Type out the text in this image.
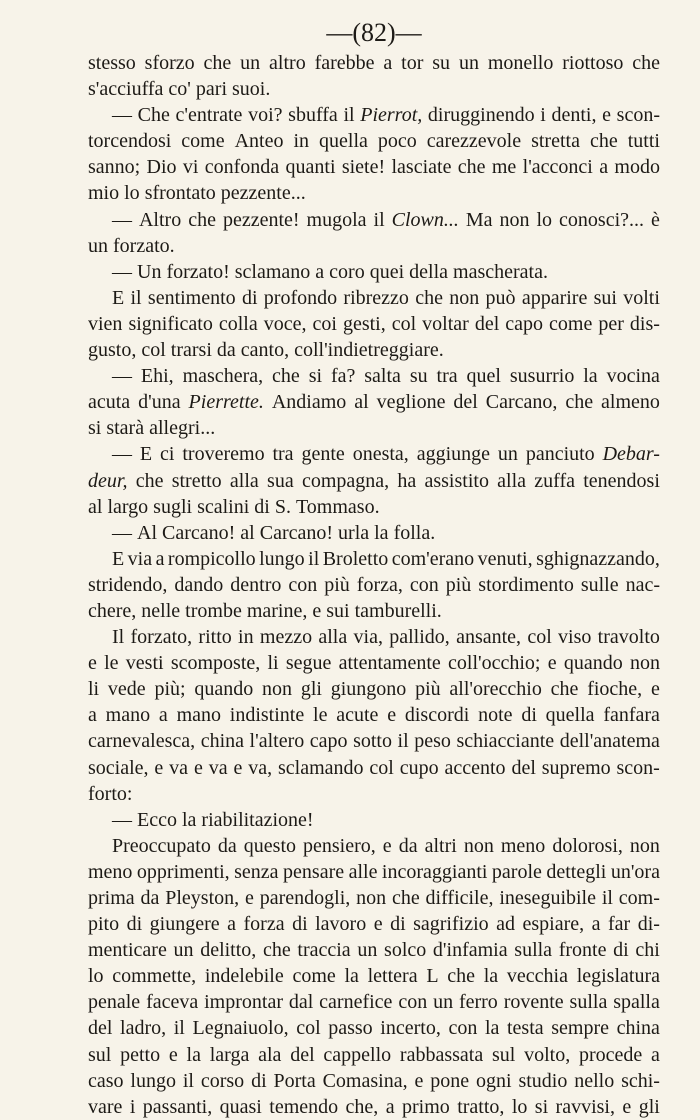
—(82)—
stesso sforzo che un altro farebbe a tor su un monello riottoso che
s'acciuffa co' pari suoi.
— Che c'entrate voi? sbuffa il Pierrot, dirugginendo i denti, e scon-
torcendosi come Anteo in quella poco carezzevole stretta che tutti
sanno; Dio vi confonda quanti siete! lasciate che me l'acconci a modo
mio lo sfrontato pezzente...
— Altro che pezzente! mugola il Clown... Ma non lo conosci?... è
un forzato.
— Un forzato! sclamano a coro quei della mascherata.
E il sentimento di profondo ribrezzo che non può apparire sui volti
vien significato colla voce, coi gesti, col voltar del capo come per dis-
gusto, col trarsi da canto, coll'indietreggiare.
— Ehi, maschera, che si fa? salta su tra quel susurrio la vocina
acuta d'una Pierrette. Andiamo al veglione del Carcano, che almeno
si starà allegri...
— E ci troveremo tra gente onesta, aggiunge un panciuto Debar-
deur, che stretto alla sua compagna, ha assistito alla zuffa tenendosi
al largo sugli scalini di S. Tommaso.
— Al Carcano! al Carcano! urla la folla.
E via a rompicollo lungo il Broletto com'erano venuti, sghignazzando,
stridendo, dando dentro con più forza, con più stordimento sulle nac-
chere, nelle trombe marine, e sui tamburelli.
Il forzato, ritto in mezzo alla via, pallido, ansante, col viso travolto
e le vesti scomposte, li segue attentamente coll'occhio; e quando non
li vede più; quando non gli giungono più all'orecchio che fioche, e
a mano a mano indistinte le acute e discordi note di quella fanfara
carnevalesca, china l'altero capo sotto il peso schiacciante dell'anatema
sociale, e va e va e va, sclamando col cupo accento del supremo scon-
forto:
— Ecco la riabilitazione!
Preoccupato da questo pensiero, e da altri non meno dolorosi, non
meno opprimenti, senza pensare alle incoraggianti parole dettegli un'ora
prima da Pleyston, e parendogli, non che difficile, ineseguibile il com-
pito di giungere a forza di lavoro e di sagrifizio ad espiare, a far di-
menticare un delitto, che traccia un solco d'infamia sulla fronte di chi
lo commette, indelebile come la lettera L che la vecchia legislatura
penale faceva improntar dal carnefice con un ferro rovente sulla spalla
del ladro, il Legnaiuolo, col passo incerto, con la testa sempre china
sul petto e la larga ala del cappello rabbassata sul volto, procede a
caso lungo il corso di Porta Comasina, e pone ogni studio nello schi-
vare i passanti, quasi temendo che, a primo tratto, lo si ravvisi, e gli
